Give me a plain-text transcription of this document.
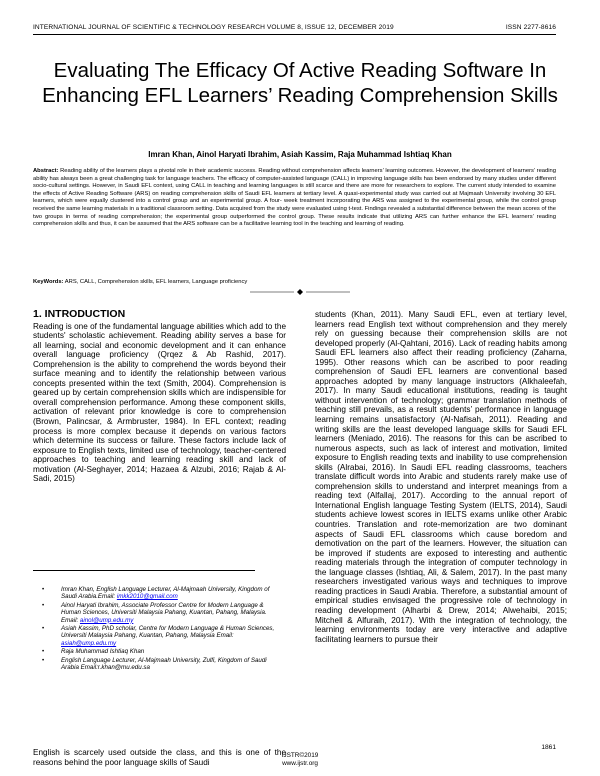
INTERNATIONAL JOURNAL OF SCIENTIFIC & TECHNOLOGY RESEARCH VOLUME 8, ISSUE 12, DECEMBER 2019	ISSN 2277-8616
Evaluating The Efficacy Of Active Reading Software In Enhancing EFL Learners’ Reading Comprehension Skills
Imran Khan, Ainol Haryati Ibrahim, Asiah Kassim, Raja Muhammad Ishtiaq Khan

Abstract: Reading ability of the learners plays a pivotal role in their academic success. Reading without comprehension affects learners’ learning outcomes. However, the development of learners’ reading ability has always been a great challenging task for language teachers. The efficacy of computer-assisted language (CALL) in improving language skills has been endorsed by many studies under different socio-cultural settings. However, in Saudi EFL context, using CALL in teaching and learning languages is still scarce and there are more for researchers to explore. The current study intended to examine the effects of Active Reading Software (ARS) on reading comprehension skills of Saudi EFL learners at tertiary level. A quasi-experimental study was carried out at Majmaah University involving 30 EFL learners, which were equally clustered into a control group and an experimental group. A four- week treatment incorporating the ARS was assigned to the experimental group, while the control group received the same learning materials in a traditional classroom setting. Data acquired from the study were evaluated using t-test. Findings revealed a substantial difference between the mean scores of the two groups in terms of reading comprehension; the experimental group outperformed the control group. These results indicate that utilizing ARS can further enhance the EFL learners’ reading comprehension skills and thus, it can be assumed that the ARS software can be a facilitative learning tool in the teaching and learning of reading.

KeyWords: ARS, CALL, Comprehension skills, EFL learners, Language proficiency

1. INTRODUCTION

Reading is one of the fundamental language abilities which add to the students' scholastic achievement. Reading ability serves a base for all learning, social and economic development and it can enhance overall language proficiency (Qrqez & Ab Rashid, 2017). Comprehension is the ability to comprehend the words beyond their surface meaning and to identify the relationship between various concepts presented within the text (Smith, 2004). Comprehension is geared up by certain comprehension skills which are indispensible for overall comprehension performance. Among these component skills, activation of relevant prior knowledge is core to comprehension (Brown, Palincsar, & Armbruster, 1984). In EFL context; reading process is more complex because it depends on various factors which determine its success or failure. These factors include lack of exposure to English texts, limited use of technology, teacher-centered approaches to teaching and learning reading skill and lack of motivation (Al-Seghayer, 2014; Hazaea & Alzubi, 2016; Rajab & Al-Sadi, 2015)

•	Imran Khan, English Language Lecturer, Al-Majmaah University, Kingdom of Saudi Arabia.Email: imkk2010@gmail.com
•	Ainol Haryati Ibrahim, Associate Professor Centre for Modern Language & Human Sciences, Universiti Malaysia Pahang, Kuantan, Pahang, Malaysia. Email: ainol@ump.edu.my
•	Asiah Kassim, PhD scholar, Centre for Modern Language & Human Sciences, Universiti Malaysia Pahang, Kuantan, Pahang, Malaysia Email: asiah@ump.edu.my
•	Raja Muhammad Ishtiaq Khan
•	English Language Lecturer, Al-Majmaah University, Zulfi, Kingdom of Saudi Arabia Email:r.khan@mu.edu.sa

English is scarcely used outside the class, and this is one of the reasons behind the poor language skills of Saudi

students (Khan, 2011). Many Saudi EFL, even at tertiary level, learners read English text without comprehension and they merely rely on guessing because their comprehension skills are not developed properly (Al-Qahtani, 2016). Lack of reading habits among Saudi EFL learners also affect their reading proficiency (Zaharna, 1995). Other reasons which can be ascribed to poor reading comprehension of Saudi EFL learners are conventional based approaches adopted by many language instructors (Alkhaleefah, 2017). In many Saudi educational institutions, reading is taught without intervention of technology; grammar translation methods of teaching still prevails, as a result students’ performance in language learning remains unsatisfactory (Al-Nafisah, 2011). Reading and writing skills are the least developed language skills for Saudi EFL learners (Meniado, 2016). The reasons for this can be ascribed to numerous aspects, such as lack of interest and motivation, limited exposure to English reading texts and inability to use comprehension skills (Alrabai, 2016). In Saudi EFL reading classrooms, teachers translate difficult words into Arabic and students rarely make use of comprehension skills to understand and interpret meanings from a reading text (Alfallaj, 2017). According to the annual report of International English language Testing System (IELTS, 2014), Saudi students achieve lowest scores in IELTS exams unlike other Arabic countries. Translation and rote-memorization are two dominant aspects of Saudi EFL classrooms which cause boredom and demotivation on the part of the learners. However, the situation can be improved if students are exposed to interesting and authentic reading materials through the integration of computer technology in the language classes (Ishtiaq, Ali, & Salem, 2017). In the past many researchers investigated various ways and techniques to improve reading practices in Saudi Arabia. Therefore, a substantial amount of empirical studies envisaged the progressive role of technology in reading development (Alharbi & Drew, 2014; Alwehaibi, 2015; Mitchell & Alfuraih, 2017). With the integration of technology, the learning environments today are very interactive and adaptive facilitating learners to pursue their

1861
IJSTR©2019
www.ijstr.org
